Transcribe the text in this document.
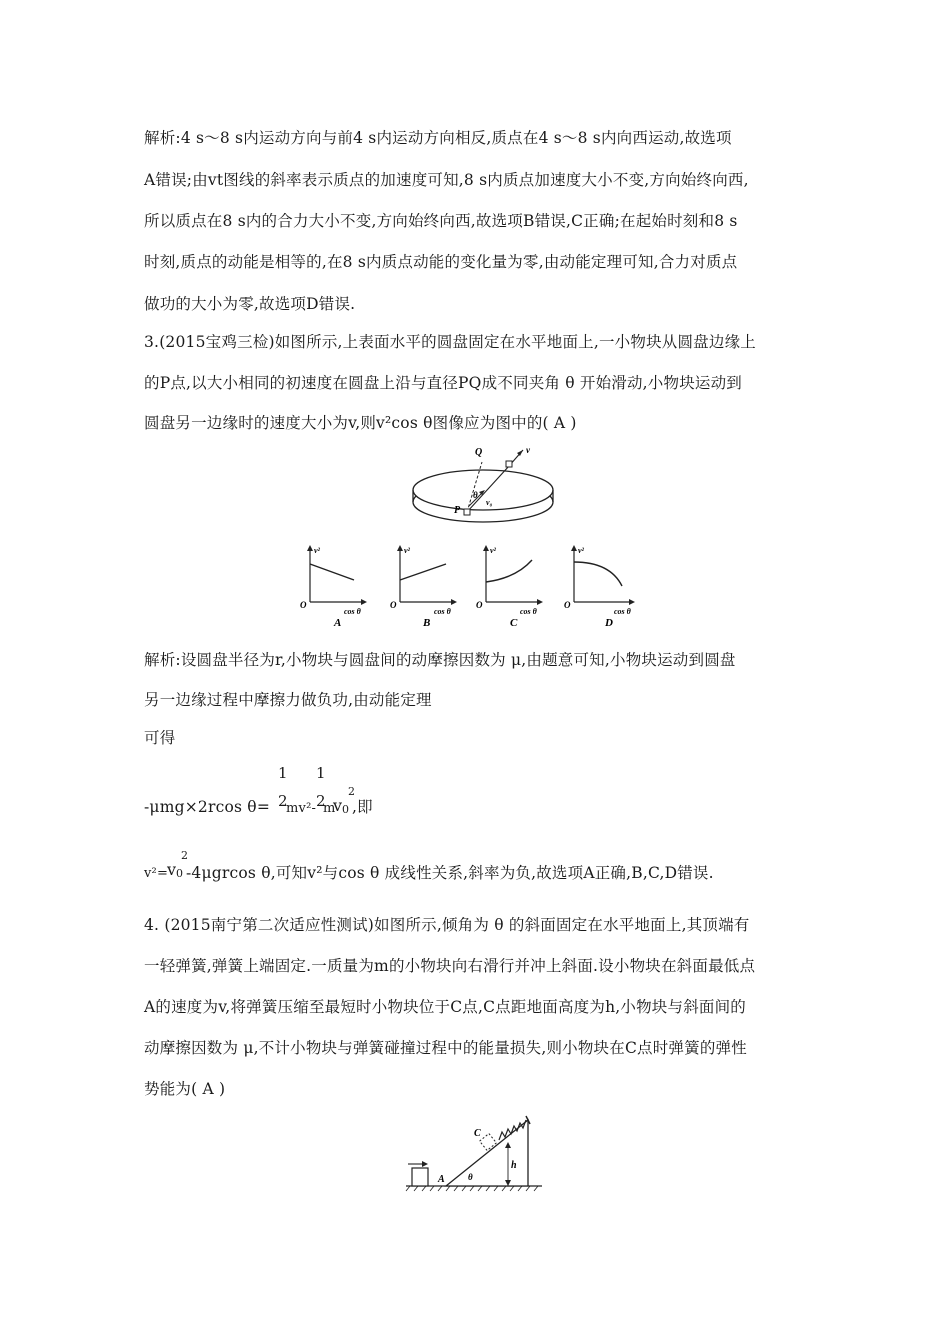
解析:4 s～8 s内运动方向与前4 s内运动方向相反,质点在4 s～8 s内向西运动,故选项
A错误;由vt图线的斜率表示质点的加速度可知,8 s内质点加速度大小不变,方向始终向西,
所以质点在8 s内的合力大小不变,方向始终向西,故选项B错误,C正确;在起始时刻和8 s
时刻,质点的动能是相等的,在8 s内质点动能的变化量为零,由动能定理可知,合力对质点
做功的大小为零,故选项D错误.
3.(2015宝鸡三检)如图所示,上表面水平的圆盘固定在水平地面上,一小物块从圆盘边缘上
的P点,以大小相同的初速度在圆盘上沿与直径PQ成不同夹角 θ 开始滑动,小物块运动到
圆盘另一边缘时的速度大小为v,则v²cos θ图像应为图中的( A )
Q
P
θ
v
v₀
v²
cos θ
O
A
v²
cos θ
O
B
v²
cos θ
O
C
v²
cos θ
O
D
解析:设圆盘半径为r,小物块与圆盘间的动摩擦因数为 μ,由题意可知,小物块运动到圆盘
另一边缘过程中摩擦力做负功,由动能定理
可得
-μmg×2rcos θ=
1
2
mv²-
1
2
m
v 0
2
,即
v²=
v 0
2
-4μgrcos θ,可知v²与cos θ 成线性关系,斜率为负,故选项A正确,B,C,D错误.
4. (2015南宁第二次适应性测试)如图所示,倾角为 θ 的斜面固定在水平地面上,其顶端有
一轻弹簧,弹簧上端固定.一质量为m的小物块向右滑行并冲上斜面.设小物块在斜面最低点
A的速度为v,将弹簧压缩至最短时小物块位于C点,C点距地面高度为h,小物块与斜面间的
动摩擦因数为 μ,不计小物块与弹簧碰撞过程中的能量损失,则小物块在C点时弹簧的弹性
势能为( A )
C
h
A	θ
